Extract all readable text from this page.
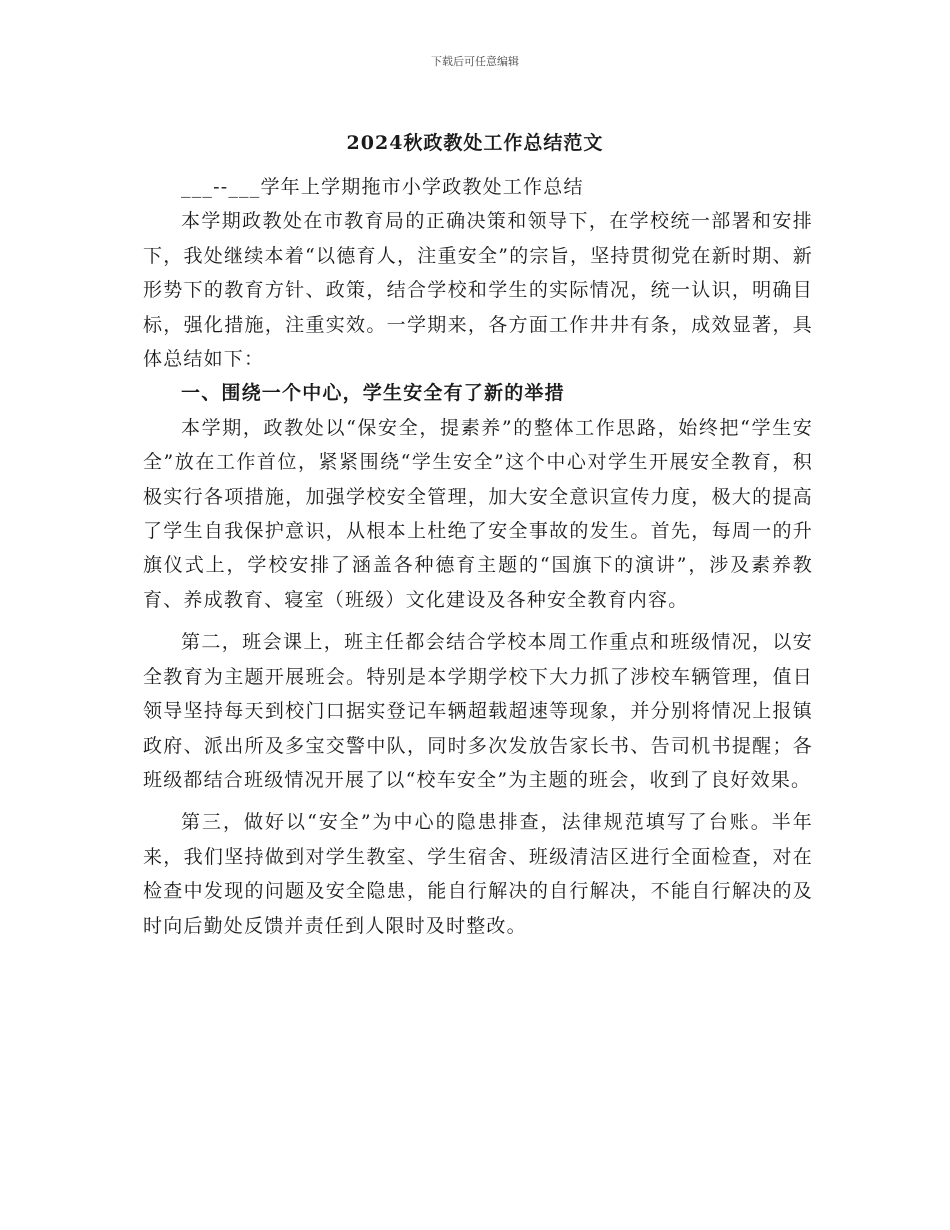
下载后可任意编辑
2024秋政教处工作总结范文

___--___学年上学期拖市小学政教处工作总结

本学期政教处在市教育局的正确决策和领导下，在学校统一部署和安排下，我处继续本着“以德育人，注重安全”的宗旨，坚持贯彻党在新时期、新形势下的教育方针、政策，结合学校和学生的实际情况，统一认识，明确目标，强化措施，注重实效。一学期来，各方面工作井井有条，成效显著，具体总结如下：

一、围绕一个中心，学生安全有了新的举措

本学期，政教处以“保安全，提素养”的整体工作思路，始终把“学生安全”放在工作首位，紧紧围绕“学生安全”这个中心对学生开展安全教育，积极实行各项措施，加强学校安全管理，加大安全意识宣传力度，极大的提高了学生自我保护意识，从根本上杜绝了安全事故的发生。首先，每周一的升旗仪式上，学校安排了涵盖各种德育主题的“国旗下的演讲”，涉及素养教育、养成教育、寝室（班级）文化建设及各种安全教育内容。

第二，班会课上，班主任都会结合学校本周工作重点和班级情况，以安全教育为主题开展班会。特别是本学期学校下大力抓了涉校车辆管理，值日领导坚持每天到校门口据实登记车辆超载超速等现象，并分别将情况上报镇政府、派出所及多宝交警中队，同时多次发放告家长书、告司机书提醒；各班级都结合班级情况开展了以“校车安全”为主题的班会，收到了良好效果。

第三，做好以“安全”为中心的隐患排查，法律规范填写了台账。半年来，我们坚持做到对学生教室、学生宿舍、班级清洁区进行全面检查，对在检查中发现的问题及安全隐患，能自行解决的自行解决，不能自行解决的及时向后勤处反馈并责任到人限时及时整改。
